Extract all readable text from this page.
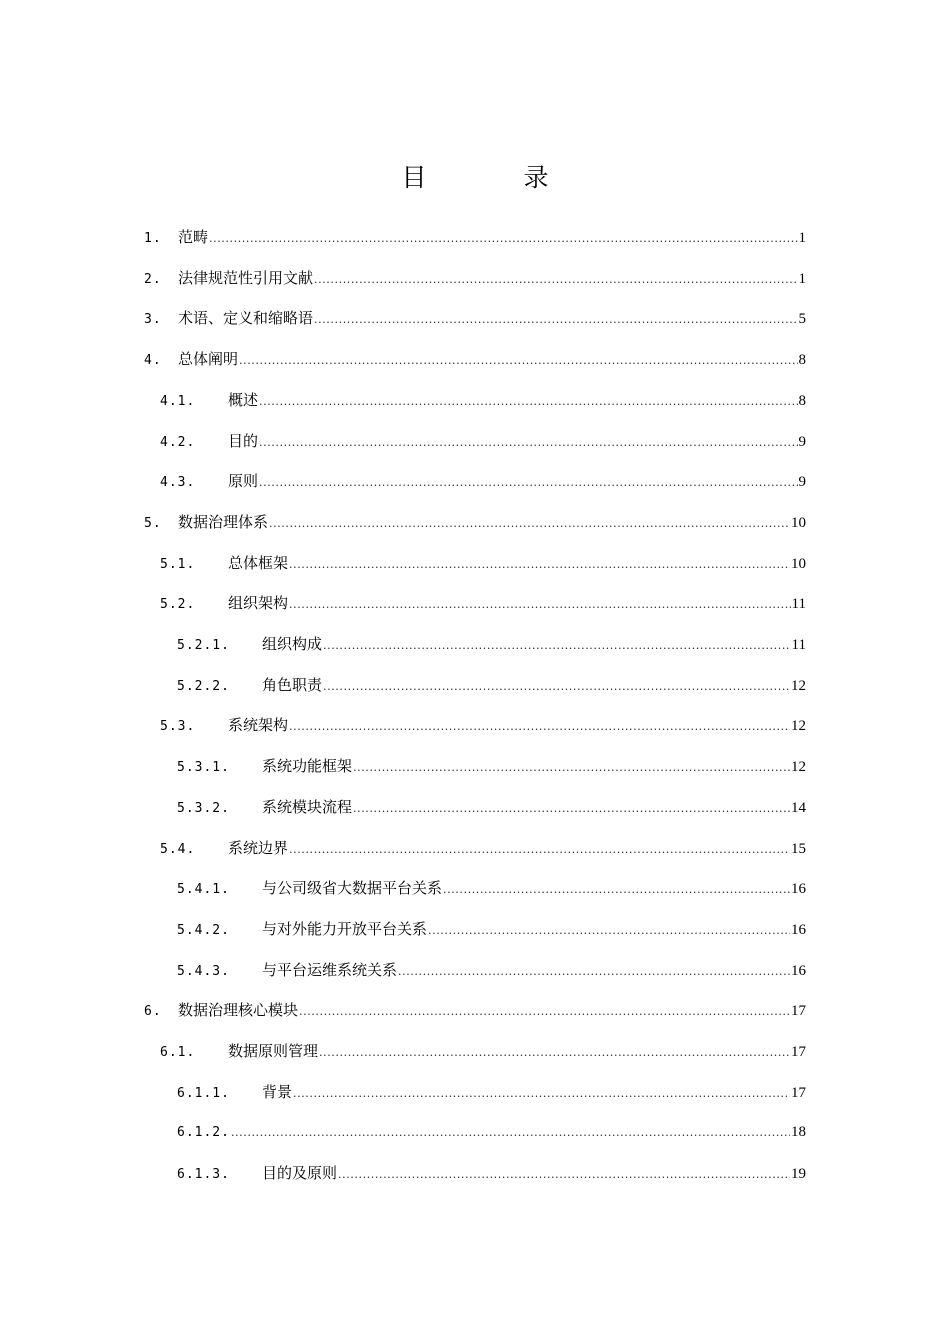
目　录
1.	范畴 .....	1
2.	法律规范性引用文献 .....	1
3.	术语、定义和缩略语 .....	5
4.	总体阐明 .....	8
4.1.	概述 .....	8
4.2.	目的 .....	9
4.3.	原则 .....	9
5.	数据治理体系 .....	10
5.1.	总体框架 .....	10
5.2.	组织架构 .....	11
5.2.1.	组织构成 .....	11
5.2.2.	角色职责 .....	12
5.3.	系统架构 .....	12
5.3.1.	系统功能框架 .....	12
5.3.2.	系统模块流程 .....	14
5.4.	系统边界 .....	15
5.4.1.	与公司级省大数据平台关系 .....	16
5.4.2.	与对外能力开放平台关系 .....	16
5.4.3.	与平台运维系统关系 .....	16
6.	数据治理核心模块 .....	17
6.1.	数据原则管理 .....	17
6.1.1.	背景 .....	17
6.1.2. .....	18
6.1.3.	目的及原则 .....	19
